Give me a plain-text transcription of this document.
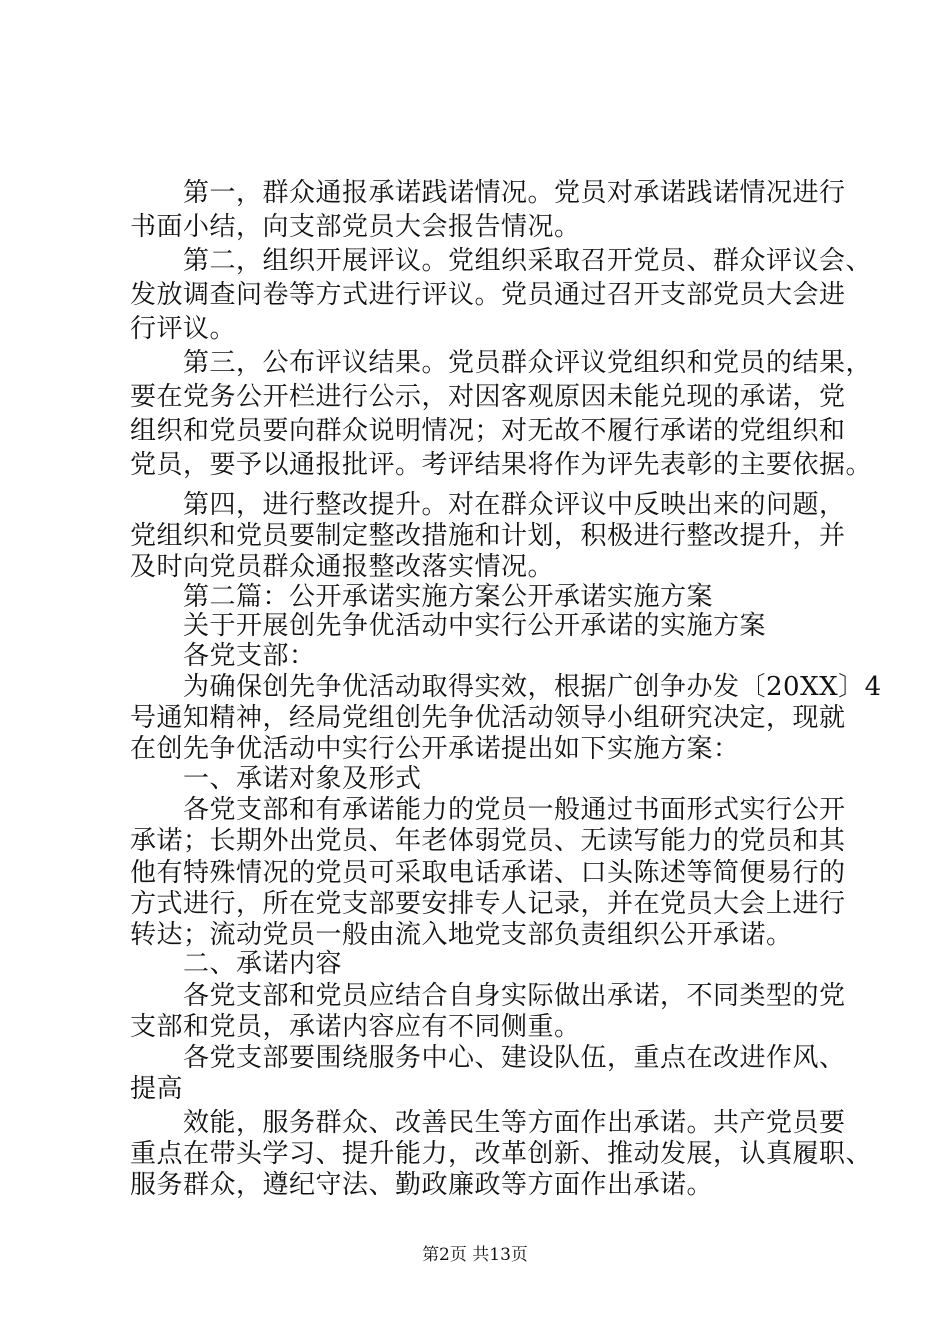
　　第一，群众通报承诺践诺情况。党员对承诺践诺情况进行
书面小结，向支部党员大会报告情况。
　　第二，组织开展评议。党组织采取召开党员、群众评议会、
发放调查问卷等方式进行评议。党员通过召开支部党员大会进
行评议。
　　第三，公布评议结果。党员群众评议党组织和党员的结果，
要在党务公开栏进行公示，对因客观原因未能兑现的承诺，党
组织和党员要向群众说明情况；对无故不履行承诺的党组织和
党员，要予以通报批评。考评结果将作为评先表彰的主要依据。
　　第四，进行整改提升。对在群众评议中反映出来的问题，
党组织和党员要制定整改措施和计划，积极进行整改提升，并
及时向党员群众通报整改落实情况。
　　第二篇：公开承诺实施方案公开承诺实施方案
　　关于开展创先争优活动中实行公开承诺的实施方案
　　各党支部：
　　为确保创先争优活动取得实效，根据广创争办发〔20XX〕4
号通知精神，经局党组创先争优活动领导小组研究决定，现就
在创先争优活动中实行公开承诺提出如下实施方案：
　　一、承诺对象及形式
　　各党支部和有承诺能力的党员一般通过书面形式实行公开
承诺；长期外出党员、年老体弱党员、无读写能力的党员和其
他有特殊情况的党员可采取电话承诺、口头陈述等简便易行的
方式进行，所在党支部要安排专人记录，并在党员大会上进行
转达；流动党员一般由流入地党支部负责组织公开承诺。
　　二、承诺内容
　　各党支部和党员应结合自身实际做出承诺，不同类型的党
支部和党员，承诺内容应有不同侧重。
　　各党支部要围绕服务中心、建设队伍，重点在改进作风、
提高
　　效能，服务群众、改善民生等方面作出承诺。共产党员要
重点在带头学习、提升能力，改革创新、推动发展，认真履职、
服务群众，遵纪守法、勤政廉政等方面作出承诺。
第2页 共13页
